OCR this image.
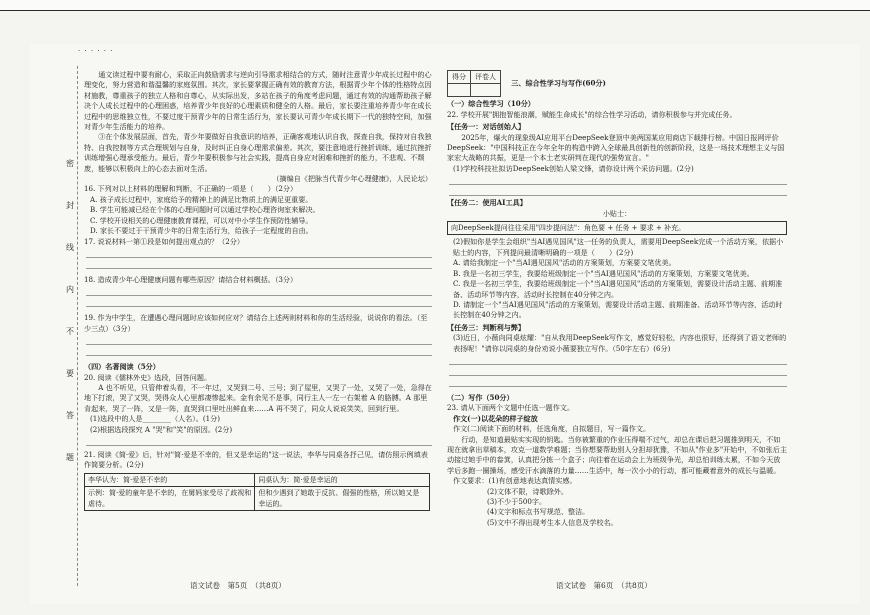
· · · · · ·
密
封
线
内
不
要
答
题

通文读过程中要有耐心，采取正向鼓励需求与逆向引导需求相结合的方式，随时注意青少年成长过程中的心理变化，努力营造和谐温馨的家庭氛围。其次，家长要掌握正确有效的教育方法，根据青少年个体的性格特点因材施教，尊重孩子的独立人格和自尊心，从实际出发，多站在孩子的角度考虑问题，通过有效的沟通帮助孩子解决个人成长过程中的心理困惑，培养青少年良好的心理素质和健全的人格。最后，家长要注重培养青少年在成长过程中的思维独立性，不要过度干预青少年的日常生活行为，家长要认可青少年成长期下一代的独特空间，加强对青少年生活能力的培养。

③在个体发展层面，首先，青少年要做好自我意识的培养，正确客观地认识自我，探查自我，保持对自我独特、自我控制等方式合理规划与自身，及时纠正自身心理需求偏差。其次，要注意地进行挫折训练，通过抗挫折训练增强心理承受能力。最后，青少年要积极参与社会实践，提高自身应对困难和挫折的能力，不悲观、不颓废，能够以积极向上的心态去面对生活。

（摘编自《把脉当代青少年心理健康》，人民论坛）

16. 下列对以上材料的理解和判断，不正确的一项是（　　）（2分）

A. 孩子成长过程中，家庭给予的精神上的满足比物质上的满足更重要。

B. 学生可能减已经在个体的心理问题时可以通过学校心理咨询室来解决。

C. 学校开设相关的心理健康教育课程，可以对中小学生作预防性辅导。

D. 家长不要过于干预青少年的日常生活行为，给孩子一定程度的自由。

17. 说说材料一第①段是如何提出观点的？（2分）

18. 造成青少年心理健康问题有哪些原因？请结合材料概括。（3分）

19. 作为中学生，在遭遇心理问题时应该如何应对？请结合上述两则材料和你的生活经验，说说你的看法。（至少三点）（3分）

（四）名著阅读（5分）

20. 阅读《儒林外史》选段，回答问题。

A 也不听见，只管伸着头看，不一年过，又哭到二号、三号；到了屋里，又哭了一处，又哭了一处，急得在地下打滚，哭了又哭，哭得众人心里都凄惨起来。金有余见不是事，同行主人一左一右架着 A 的胳膊。A 那里肯起来，哭了一阵，又是一阵，直哭到口里吐出鲜血来……A 再不哭了，同众人说说笑笑，回到行里。

(1)选段中的人是________（人名）。(1分)

(2)根据选段探究 A "哭"和"笑"的原因。(2分)

21. 阅读《简·爱》后，针对"简·爱是不幸的，但又是幸运的"这一说法，李华与同桌各抒己见，请仿照示例填表作简要分析。(2分)

李华认为：简·爱是不幸的	同桌认为：简·爱是幸运的
示例：简·爱的童年是不幸的，在舅妈家受尽了歧视和虐待。	但和少遇到了她敢于反抗、倔强的性格，所以她又是幸运的。
语文试卷　第5页　（共8页）
得分	评卷人
	三、综合性学习与写作(60分)

（一）综合性学习（10分）

22. 学校开展"拥抱智能浪潮，赋能生命成长"的综合性学习活动，请你积极参与并完成任务。

【任务一：对话创始人】

2025年，爆火的现象级AI应用平台DeepSeek登顶中美两国某应用商店下载排行榜。中国日报网评价DeepSeek："中国科技正在今年全年的构造中跨入全球最具创新性的创新阶段，这是一场技术理想主义与国家宏大战略的共振，更是一个本土老实研判在现代的强势宣言。"

(1)学校科技社拟访DeepSeek创始人梁文锋，请你设计两个采访问题。(2分)

【任务二：使用AI工具】

小贴士：

向DeepSeek提问往往采用"四步提问法"：角色要 + 任务 + 要求 + 补充。

(2)假如你是学生会组织"当AI遇见国风"这一任务的负责人，需要用DeepSeek完成一个活动方案，依据小贴士的内容，下列提问最清晰明确的一项是（　　）(2分)

A. 请给我制定一个"当AI遇见国风"活动的方案策划，方案要文笔优美。

B. 我是一名初三学生，我要给班级制定一个"当AI遇见国风"活动的方案策划，方案要文笔优美。

C. 我是一名初三学生，我要给班级制定一个"当AI遇见国风"活动的方案策划，需要设计活动主题、前期准备、活动环节等内容，活动时长控制在40分钟之内。

D. 请制定一个"当AI遇见国风"活动的方案策划，需要设计活动主题、前期准备、活动环节等内容，活动时长控制在40分钟之内。

【任务三：判断利与弊】

(3)近日，小薇向同桌炫耀："自从我用DeepSeek写作文，感觉好轻松，内容也很好，还得到了语文老师的表扬呢！"请你以同桌的身份劝说小薇要独立写作。（50字左右）(6分)

（二）写作（50分）

23. 请从下面两个文题中任选一题作文。

作文(一)以花朵的样子绽放

作文(二)阅读下面的材料，任选角度，自拟题目，写一篇作文。

行动，是知道最贴实实现的钥匙。当你被繁重的作业压得喘不过气，却总在课后把习题推到明天，不如现在就拿出草稿本，攻克一道数学难题；当你想要帮助别人分担却犹豫，不如从"作业多"开始中，不如张后主动接过她手中的畚箕，认真把分拣一个盒子；向往着在运动会上为班级争光，却总怕训练太累，不如今天放学后多跑一圈操场，感受汗水滴落的力量……生活中，每一次小小的行动，都可能藏着意外的成长与温暖。

作文要求：(1)有创意地表达真情实感。

(2)文体不限，诗歌除外。

(3)不少于500字。

(4)文字和标点书写规范、整洁。

(5)文中不得出现考生本人信息及学校名。

语文试卷　第6页　（共8页）
